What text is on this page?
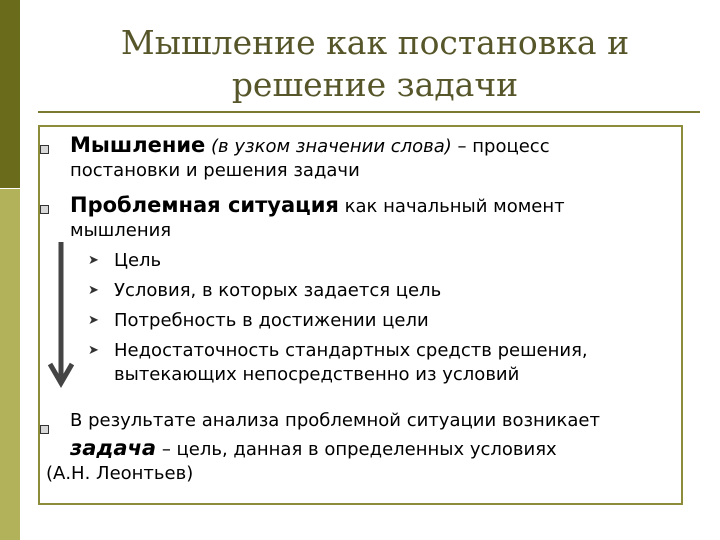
Мышление как постановка и
решение задачи
Мышление (в узком значении слова) – процесс
постановки и решения задачи
Проблемная ситуация как начальный момент
мышления
➤ Цель
➤ Условия, в которых задается цель
➤ Потребность в достижении цели
➤ Недостаточность стандартных средств решения,
вытекающих непосредственно из условий
В результате анализа проблемной ситуации возникает
задача – цель, данная в определенных условиях
(А.Н. Леонтьев)
